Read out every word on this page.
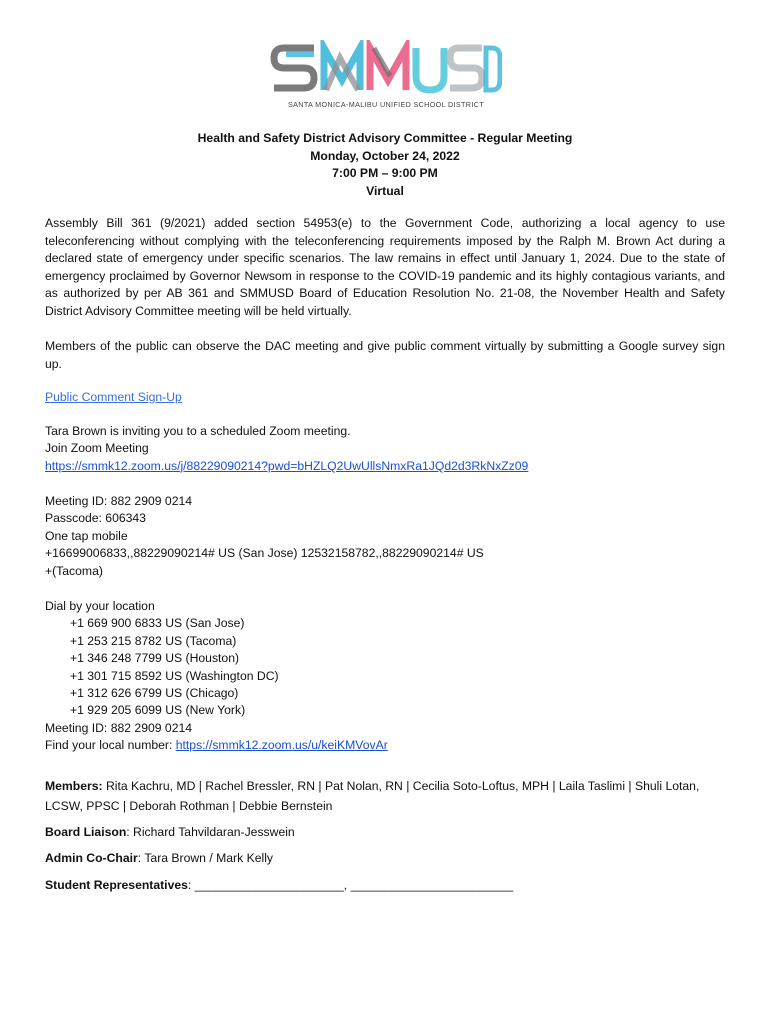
SANTA MONICA-MALIBU UNIFIED SCHOOL DISTRICT
Health and Safety District Advisory Committee - Regular Meeting
Monday, October 24, 2022
7:00 PM – 9:00 PM
Virtual

Assembly Bill 361 (9/2021) added section 54953(e) to the Government Code, authorizing a local agency to use teleconferencing without complying with the teleconferencing requirements imposed by the Ralph M. Brown Act during a declared state of emergency under specific scenarios. The law remains in effect until January 1, 2024. Due to the state of emergency proclaimed by Governor Newsom in response to the COVID-19 pandemic and its highly contagious variants, and as authorized by per AB 361 and SMMUSD Board of Education Resolution No. 21-08, the November Health and Safety District Advisory Committee meeting will be held virtually.

Members of the public can observe the DAC meeting and give public comment virtually by submitting a Google survey sign up.

Public Comment Sign-Up
Tara Brown is inviting you to a scheduled Zoom meeting.
Join Zoom Meeting
https://smmk12.zoom.us/j/88229090214?pwd=bHZLQ2UwUllsNmxRa1JQd2d3RkNxZz09
Meeting ID: 882 2909 0214
Passcode: 606343
One tap mobile
+16699006833,,88229090214# US (San Jose) 12532158782,,88229090214# US
+(Tacoma)
Dial by your location
+1 669 900 6833 US (San Jose)
+1 253 215 8782 US (Tacoma)
+1 346 248 7799 US (Houston)
+1 301 715 8592 US (Washington DC)
+1 312 626 6799 US (Chicago)
+1 929 205 6099 US (New York)
Meeting ID: 882 2909 0214
Find your local number: https://smmk12.zoom.us/u/keiKMVovAr
Members: Rita Kachru, MD | Rachel Bressler, RN | Pat Nolan, RN | Cecilia Soto-Loftus, MPH | Laila Taslimi | Shuli Lotan,
LCSW, PPSC | Deborah Rothman | Debbie Bernstein
Board Liaison: Richard Tahvildaran-Jesswein
Admin Co-Chair: Tara Brown / Mark Kelly
Student Representatives: ______________________, ________________________
